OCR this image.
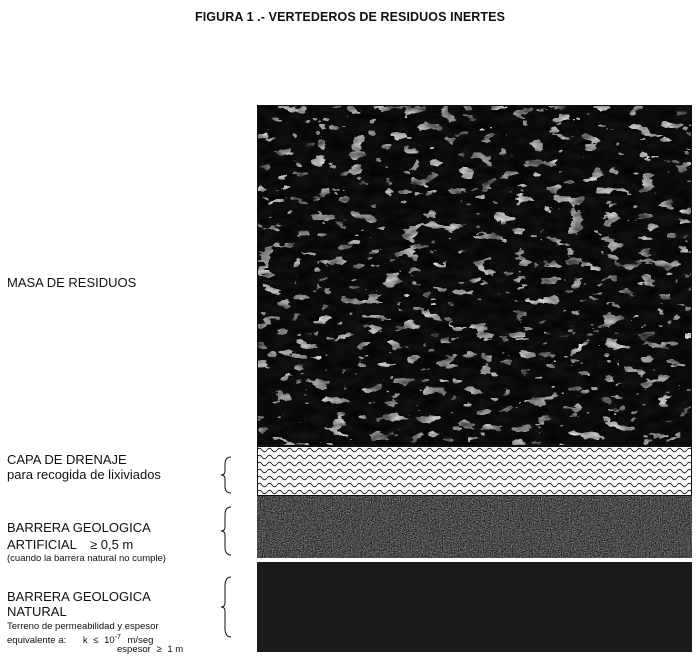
FIGURA 1 .- VERTEDEROS DE RESIDUOS INERTES
MASA DE RESIDUOS
CAPA DE DRENAJE
para recogida de lixiviados
BARRERA GEOLOGICA
ARTIFICIAL ≥ 0,5 m
(cuando la barrera natural no cumple)
BARRERA GEOLOGICA
NATURAL
Terreno de permeabilidad y espesor
equivalente a: $k \le 10^{-7}$ m/seg
espesor ≥ 1 m
